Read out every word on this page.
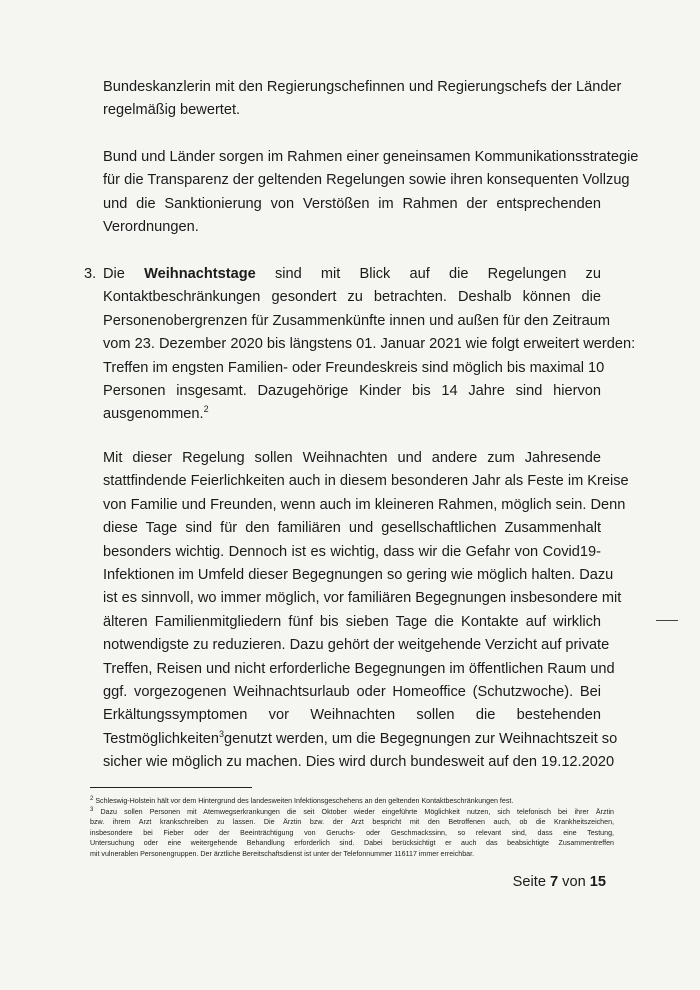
Bundeskanzlerin mit den Regierungschefinnen und Regierungschefs der Länder
regelmäßig bewertet.
Bund und Länder sorgen im Rahmen einer geneinsamen Kommunikationsstrategie
für die Transparenz der geltenden Regelungen sowie ihren konsequenten Vollzug
und die Sanktionierung von Verstößen im Rahmen der entsprechenden
Verordnungen.

3. Die Weihnachtstage sind mit Blick auf die Regelungen zu
Kontaktbeschränkungen gesondert zu betrachten. Deshalb können die
Personenobergrenzen für Zusammenkünfte innen und außen für den Zeitraum
vom 23. Dezember 2020 bis längstens 01. Januar 2021 wie folgt erweitert werden:
Treffen im engsten Familien- oder Freundeskreis sind möglich bis maximal 10
Personen insgesamt. Dazugehörige Kinder bis 14 Jahre sind hiervon
ausgenommen.$^2$
Mit dieser Regelung sollen Weihnachten und andere zum Jahresende
stattfindende Feierlichkeiten auch in diesem besonderen Jahr als Feste im Kreise
von Familie und Freunden, wenn auch im kleineren Rahmen, möglich sein. Denn
diese Tage sind für den familiären und gesellschaftlichen Zusammenhalt
besonders wichtig. Dennoch ist es wichtig, dass wir die Gefahr von Covid19-
Infektionen im Umfeld dieser Begegnungen so gering wie möglich halten. Dazu
ist es sinnvoll, wo immer möglich, vor familiären Begegnungen insbesondere mit
älteren Familienmitgliedern fünf bis sieben Tage die Kontakte auf wirklich
notwendigste zu reduzieren. Dazu gehört der weitgehende Verzicht auf private
Treffen, Reisen und nicht erforderliche Begegnungen im öffentlichen Raum und
ggf. vorgezogenen Weihnachtsurlaub oder Homeoffice (Schutzwoche). Bei
Erkältungssymptomen vor Weihnachten sollen die bestehenden
Testmöglichkeiten$^3$genutzt werden, um die Begegnungen zur Weihnachtszeit so
sicher wie möglich zu machen. Dies wird durch bundesweit auf den 19.12.2020
$^2$ Schleswig-Holstein hält vor dem Hintergrund des landesweiten Infektionsgeschehens an den geltenden Kontaktbeschränkungen fest.
$^3$ Dazu sollen Personen mit Atemwegserkrankungen die seit Oktober wieder eingeführte Möglichkeit nutzen, sich telefonisch bei ihrer Ärztin
bzw. ihrem Arzt krankschreiben zu lassen. Die Ärztin bzw. der Arzt bespricht mit den Betroffenen auch, ob die Krankheitszeichen,
insbesondere bei Fieber oder der Beeinträchtigung von Geruchs- oder Geschmackssinn, so relevant sind, dass eine Testung,
Untersuchung oder eine weitergehende Behandlung erforderlich sind. Dabei berücksichtigt er auch das beabsichtigte Zusammentreffen
mit vulnerablen Personengruppen. Der ärztliche Bereitschaftsdienst ist unter der Telefonnummer 116117 immer erreichbar.

Seite 7 von 15
